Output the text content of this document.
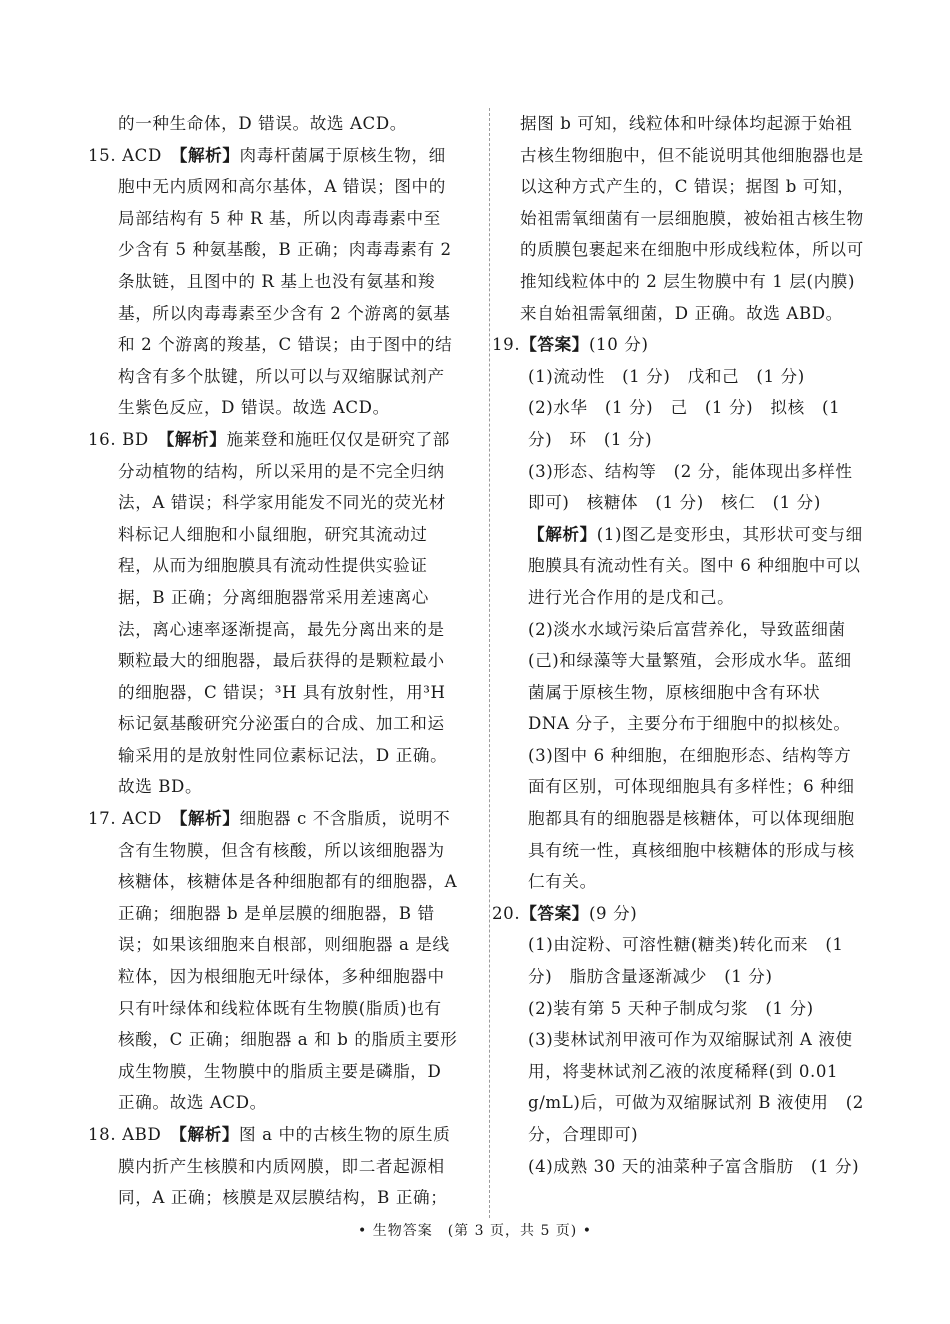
的一种生命体，D 错误。故选 ACD。

15. ACD　 【解析】肉毒杆菌属于原核生物，细胞中无内质网和高尔基体，A 错误；图中的局部结构有 5 种 R 基，所以肉毒毒素中至少含有 5 种氨基酸，B 正确；肉毒毒素有 2 条肽链，且图中的 R 基上也没有氨基和羧基，所以肉毒毒素至少含有 2 个游离的氨基和 2 个游离的羧基，C 错误；由于图中的结构含有多个肽键，所以可以与双缩脲试剂产生紫色反应，D 错误。故选 ACD。

16. BD　 【解析】施莱登和施旺仅仅是研究了部分动植物的结构，所以采用的是不完全归纳法，A 错误；科学家用能发不同光的荧光材料标记人细胞和小鼠细胞，研究其流动过程，从而为细胞膜具有流动性提供实验证据，B 正确；分离细胞器常采用差速离心法，离心速率逐渐提高，最先分离出来的是颗粒最大的细胞器，最后获得的是颗粒最小的细胞器，C 错误；³H 具有放射性，用³H 标记氨基酸研究分泌蛋白的合成、加工和运输采用的是放射性同位素标记法，D 正确。故选 BD。

17. ACD　 【解析】细胞器 c 不含脂质，说明不含有生物膜，但含有核酸，所以该细胞器为核糖体，核糖体是各种细胞都有的细胞器，A 正确；细胞器 b 是单层膜的细胞器，B 错误；如果该细胞来自根部，则细胞器 a 是线粒体，因为根细胞无叶绿体，多种细胞器中只有叶绿体和线粒体既有生物膜(脂质)也有核酸，C 正确；细胞器 a 和 b 的脂质主要形成生物膜，生物膜中的脂质主要是磷脂，D 正确。故选 ACD。

18. ABD　 【解析】图 a 中的古核生物的原生质膜内折产生核膜和内质网膜，即二者起源相同，A 正确；核膜是双层膜结构，B 正确；

据图 b 可知，线粒体和叶绿体均起源于始祖古核生物细胞中，但不能说明其他细胞器也是以这种方式产生的，C 错误；据图 b 可知，始祖需氧细菌有一层细胞膜，被始祖古核生物的质膜包裹起来在细胞中形成线粒体，所以可推知线粒体中的 2 层生物膜中有 1 层(内膜)来自始祖需氧细菌，D 正确。故选 ABD。

19.【答案】(10 分)

(1)流动性　(1 分)　戊和己　(1 分)

(2)水华　(1 分)　己　(1 分)　拟核　(1 分)　环　(1 分)

(3)形态、结构等　(2 分，能体现出多样性即可)　核糖体　(1 分)　核仁　(1 分)

【解析】(1)图乙是变形虫，其形状可变与细胞膜具有流动性有关。图中 6 种细胞中可以进行光合作用的是戊和己。

(2)淡水水域污染后富营养化，导致蓝细菌(己)和绿藻等大量繁殖，会形成水华。蓝细菌属于原核生物，原核细胞中含有环状 DNA 分子，主要分布于细胞中的拟核处。

(3)图中 6 种细胞，在细胞形态、结构等方面有区别，可体现细胞具有多样性；6 种细胞都具有的细胞器是核糖体，可以体现细胞具有统一性，真核细胞中核糖体的形成与核仁有关。

20.【答案】(9 分)

(1)由淀粉、可溶性糖(糖类)转化而来　(1 分)　脂肪含量逐渐减少　(1 分)

(2)装有第 5 天种子制成匀浆　(1 分)

(3)斐林试剂甲液可作为双缩脲试剂 A 液使用，将斐林试剂乙液的浓度稀释(到 0.01 g/mL)后，可做为双缩脲试剂 B 液使用　(2 分，合理即可)

(4)成熟 30 天的油菜种子富含脂肪　(1 分)

• 生物答案　(第 3 页，共 5 页) •
